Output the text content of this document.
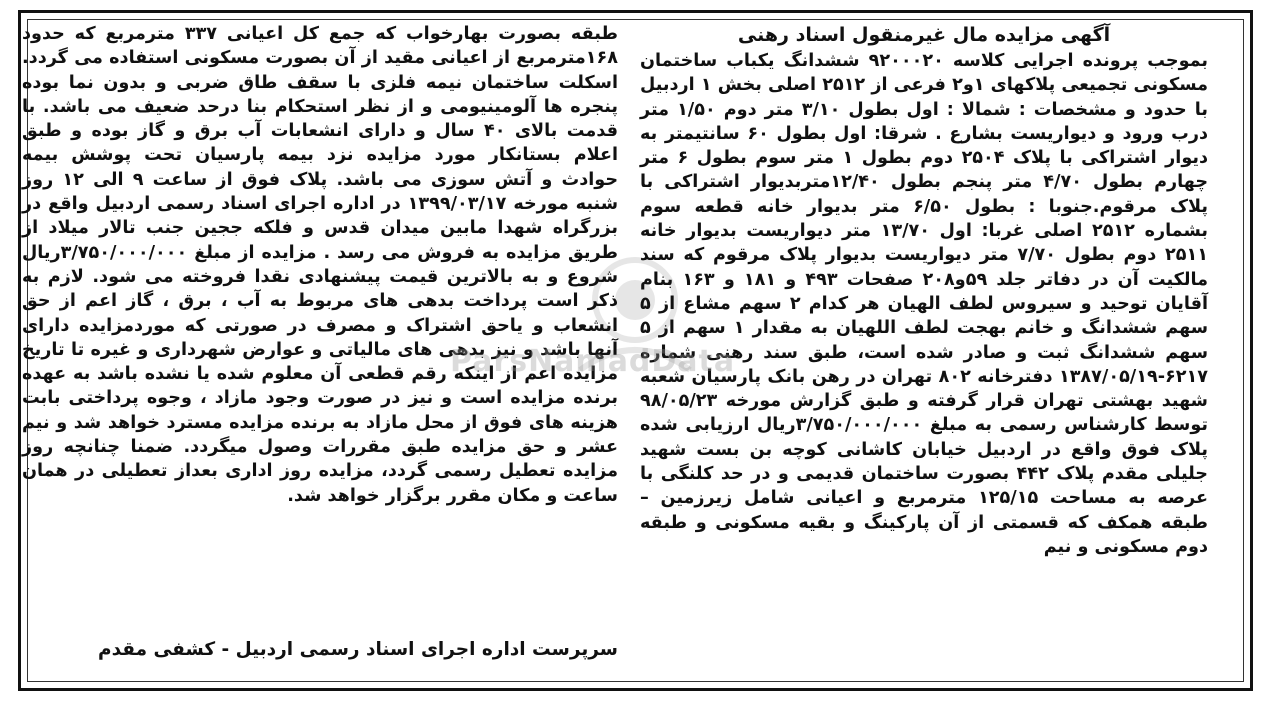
آگهی مزایده مال غیرمنقول اسناد رهنی

بموجب پرونده اجرایی کلاسه ۹۲۰۰۰۲۰ ششدانگ یکباب ساختمان مسکونی تجمیعی پلاکهای ۱و۲ فرعی از ۲۵۱۲ اصلی بخش ۱ اردبیل با حدود و مشخصات : شمالا : اول بطول ۳/۱۰ متر دوم ۱/۵۰ متر درب ورود و دیواریست بشارع . شرقا: اول بطول ۶۰ سانتیمتر به دیوار اشتراکی با پلاک ۲۵۰۴ دوم بطول ۱ متر سوم بطول ۶ متر چهارم بطول ۴/۷۰ متر پنجم بطول ۱۲/۴۰متربدیوار اشتراکی با پلاک مرقوم.جنوبا : بطول ۶/۵۰ متر بدیوار خانه قطعه سوم بشماره ۲۵۱۲ اصلی غربا: اول ۱۳/۷۰ متر دیواریست بدیوار خانه ۲۵۱۱ دوم بطول ۷/۷۰ متر دیواریست بدیوار پلاک مرقوم که سند مالکیت آن در دفاتر جلد ۵۹و۲۰۸ صفحات ۴۹۳ و ۱۸۱ و ۱۶۳ بنام آقایان توحید و سیروس لطف الهیان هر کدام ۲ سهم مشاع از ۵ سهم ششدانگ و خانم بهجت لطف اللهیان به مقدار ۱ سهم از ۵ سهم ششدانگ ثبت و صادر شده است، طبق سند رهنی شماره ۶۲۱۷-۱۳۸۷/۰۵/۱۹ دفترخانه ۸۰۲ تهران در رهن بانک پارسیان شعبه شهید بهشتی تهران قرار گرفته و طبق گزارش مورخه ۹۸/۰۵/۲۳ توسط کارشناس رسمی به مبلغ ۳/۷۵۰/۰۰۰/۰۰۰ریال ارزیابی شده پلاک فوق واقع در اردبیل خیابان کاشانی کوچه بن بست شهید جلیلی مقدم پلاک ۴۴۲ بصورت ساختمان قدیمی و در حد کلنگی با عرصه به مساحت ۱۲۵/۱۵ مترمربع و اعیانی شامل زیرزمین – طبقه همکف که قسمتی از آن پارکینگ و بقیه مسکونی و طبقه دوم مسکونی و نیم

طبقه بصورت بهارخواب که جمع کل اعیانی ۳۳۷ مترمربع که حدود ۱۶۸مترمربع از اعیانی مقید از آن بصورت مسکونی استفاده می گردد. اسکلت ساختمان نیمه فلزی با سقف طاق ضربی و بدون نما بوده پنجره ها آلومینیومی و از نظر استحکام بنا درحد ضعیف می باشد. با قدمت بالای ۴۰ سال و دارای انشعابات آب برق و گاز بوده و طبق اعلام بستانکار مورد مزایده نزد بیمه پارسیان تحت پوشش بیمه حوادث و آتش سوزی می باشد. پلاک فوق از ساعت ۹ الی ۱۲ روز شنبه مورخه ۱۳۹۹/۰۳/۱۷ در اداره اجرای اسناد رسمی اردبیل واقع در بزرگراه شهدا مابین میدان قدس و فلکه ججین جنب تالار میلاد از طریق مزایده به فروش می رسد . مزایده از مبلغ ۳/۷۵۰/۰۰۰/۰۰۰ریال شروع و به بالاترین قیمت پیشنهادی نقدا فروخته می شود. لازم به ذکر است پرداخت بدهی های مربوط به آب ، برق ، گاز اعم از حق انشعاب و یاحق اشتراک و مصرف در صورتی که موردمزایده دارای آنها باشد و نیز بدهی های مالیاتی و عوارض شهرداری و غیره تا تاریخ مزایده اعم از اینکه رقم قطعی آن معلوم شده یا نشده باشد به عهده برنده مزایده است و نیز در صورت وجود مازاد ، وجوه پرداختی بابت هزینه های فوق از محل مازاد به برنده مزایده مسترد خواهد شد و نیم عشر و حق مزایده طبق مقررات وصول میگردد. ضمنا چنانچه روز مزایده تعطیل رسمی گردد، مزایده روز اداری بعداز تعطیلی در همان ساعت و مکان مقرر برگزار خواهد شد.

سرپرست اداره اجرای اسناد رسمی اردبیل - کشفی مقدم
ParsNamadData
